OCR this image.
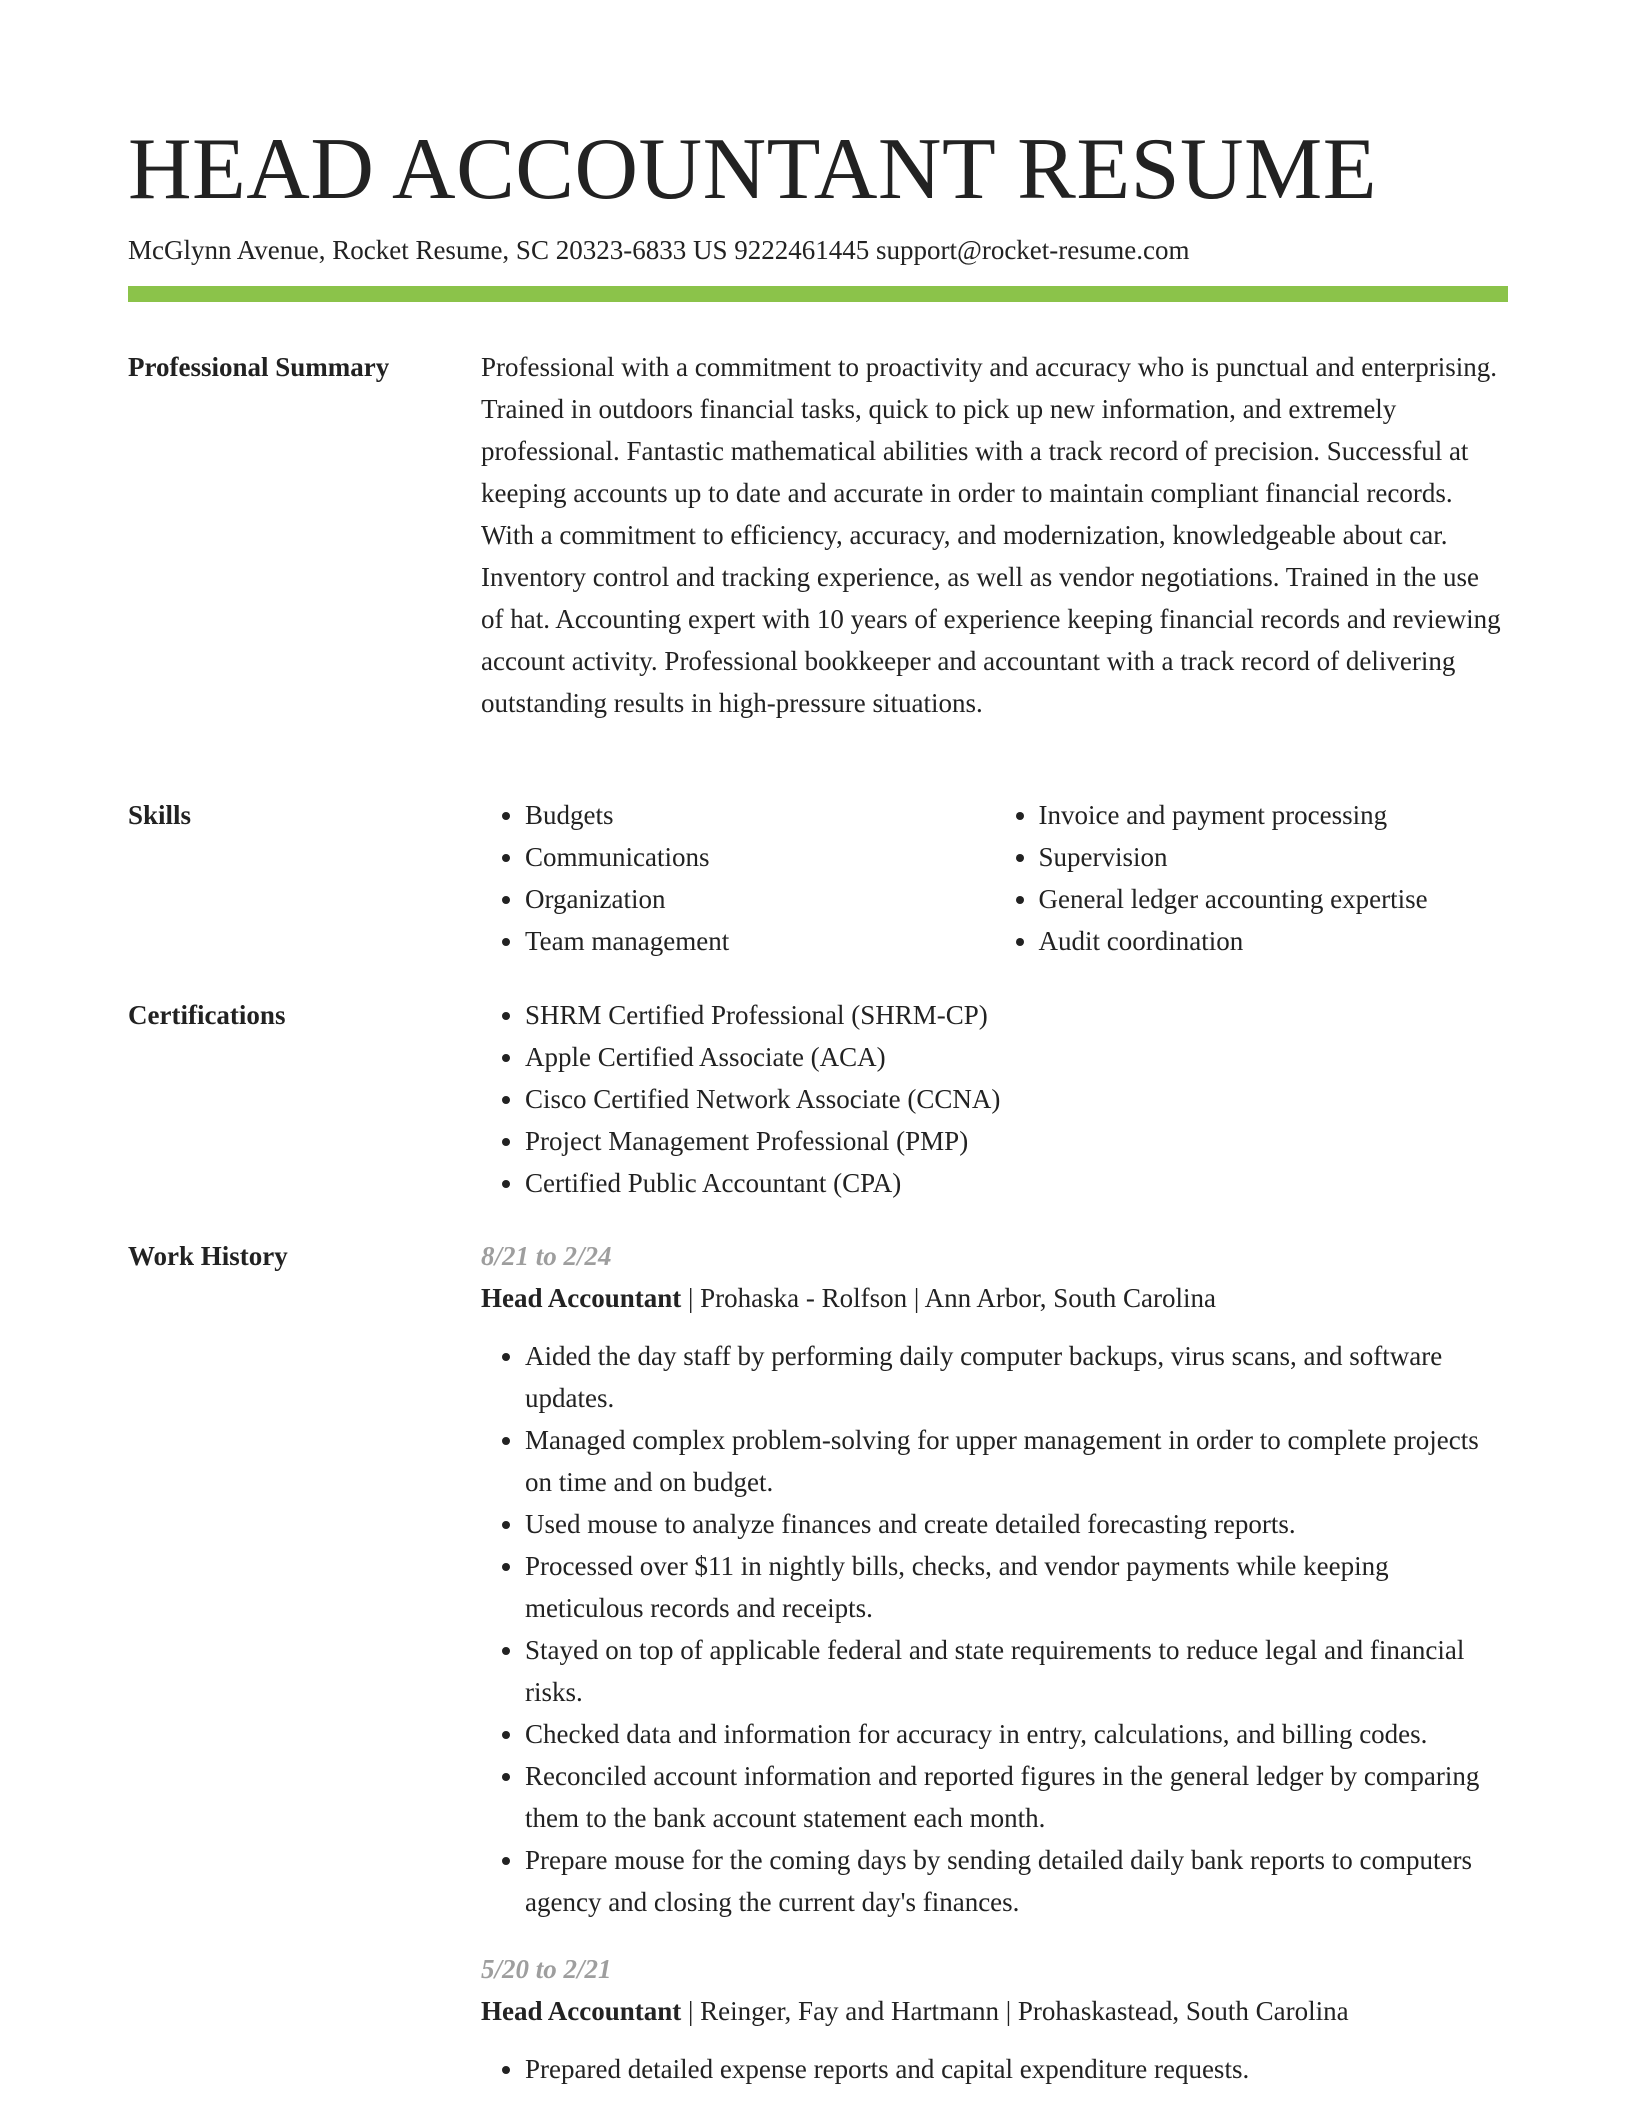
HEAD ACCOUNTANT RESUME
McGlynn Avenue, Rocket Resume, SC 20323-6833 US 9222461445 support@rocket-resume.com
Professional Summary	Professional with a commitment to proactivity and accuracy who is punctual and enterprising. Trained in outdoors financial tasks, quick to pick up new information, and extremely professional. Fantastic mathematical abilities with a track record of precision. Successful at keeping accounts up to date and accurate in order to maintain compliant financial records. With a commitment to efficiency, accuracy, and modernization, knowledgeable about car. Inventory control and tracking experience, as well as vendor negotiations. Trained in the use of hat. Accounting expert with 10 years of experience keeping financial records and reviewing account activity. Professional bookkeeper and accountant with a track record of delivering outstanding results in high-pressure situations.

Skills	• Budgets
• Communications
• Organization
• Team management
• Invoice and payment processing
• Supervision
• General ledger accounting expertise
• Audit coordination
Certifications	• SHRM Certified Professional (SHRM-CP)
• Apple Certified Associate (ACA)
• Cisco Certified Network Associate (CCNA)
• Project Management Professional (PMP)
• Certified Public Accountant (CPA)
Work History	8/21 to 2/24
Head Accountant | Prohaska - Rolfson | Ann Arbor, South Carolina
• Aided the day staff by performing daily computer backups, virus scans, and software updates.
• Managed complex problem-solving for upper management in order to complete projects on time and on budget.
• Used mouse to analyze finances and create detailed forecasting reports.
• Processed over $11 in nightly bills, checks, and vendor payments while keeping meticulous records and receipts.
• Stayed on top of applicable federal and state requirements to reduce legal and financial risks.
• Checked data and information for accuracy in entry, calculations, and billing codes.
• Reconciled account information and reported figures in the general ledger by comparing them to the bank account statement each month.
• Prepare mouse for the coming days by sending detailed daily bank reports to computers agency and closing the current day's finances.
5/20 to 2/21
Head Accountant | Reinger, Fay and Hartmann | Prohaskastead, South Carolina
• Prepared detailed expense reports and capital expenditure requests.
